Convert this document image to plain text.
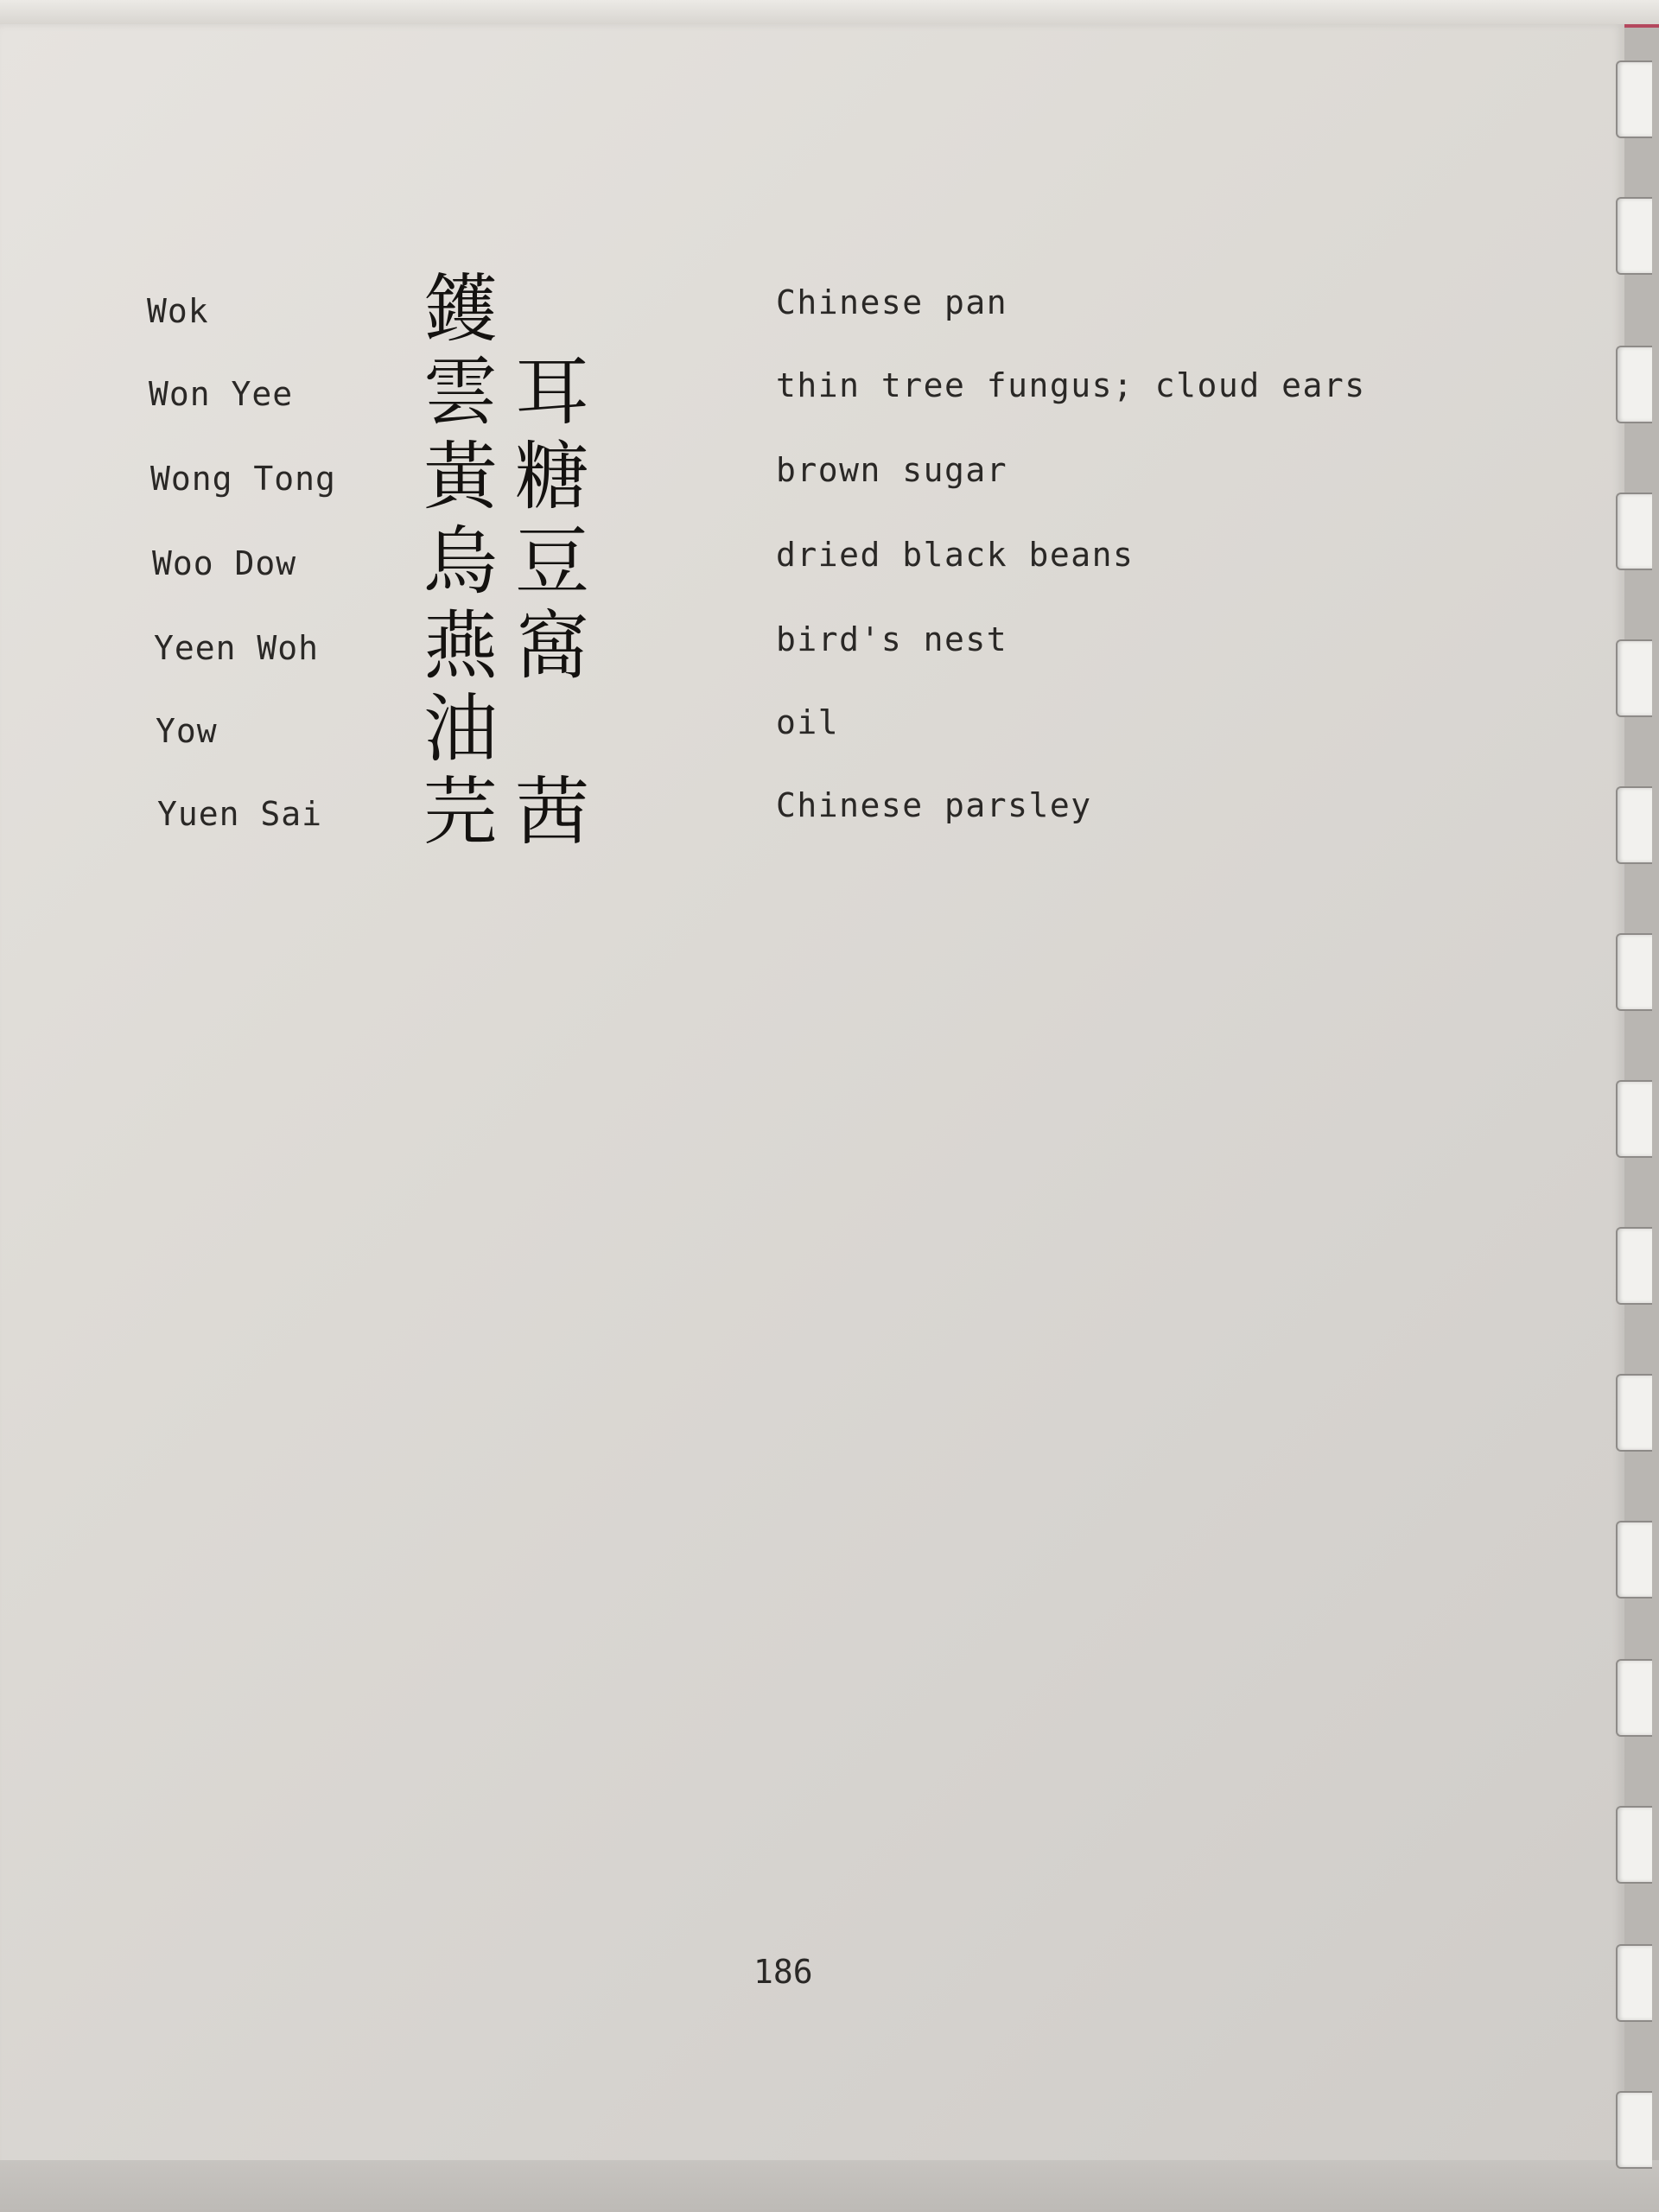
Wok	鑊	Chinese pan
Won Yee 雲耳	thin tree fungus; cloud ears
Wong Tong 黃糖	brown sugar
Woo Dow 烏豆	dried black beans
Yeen Woh 燕窩	bird's nest
Yow	油	oil
Yuen Sai 芫茜	Chinese parsley
186
